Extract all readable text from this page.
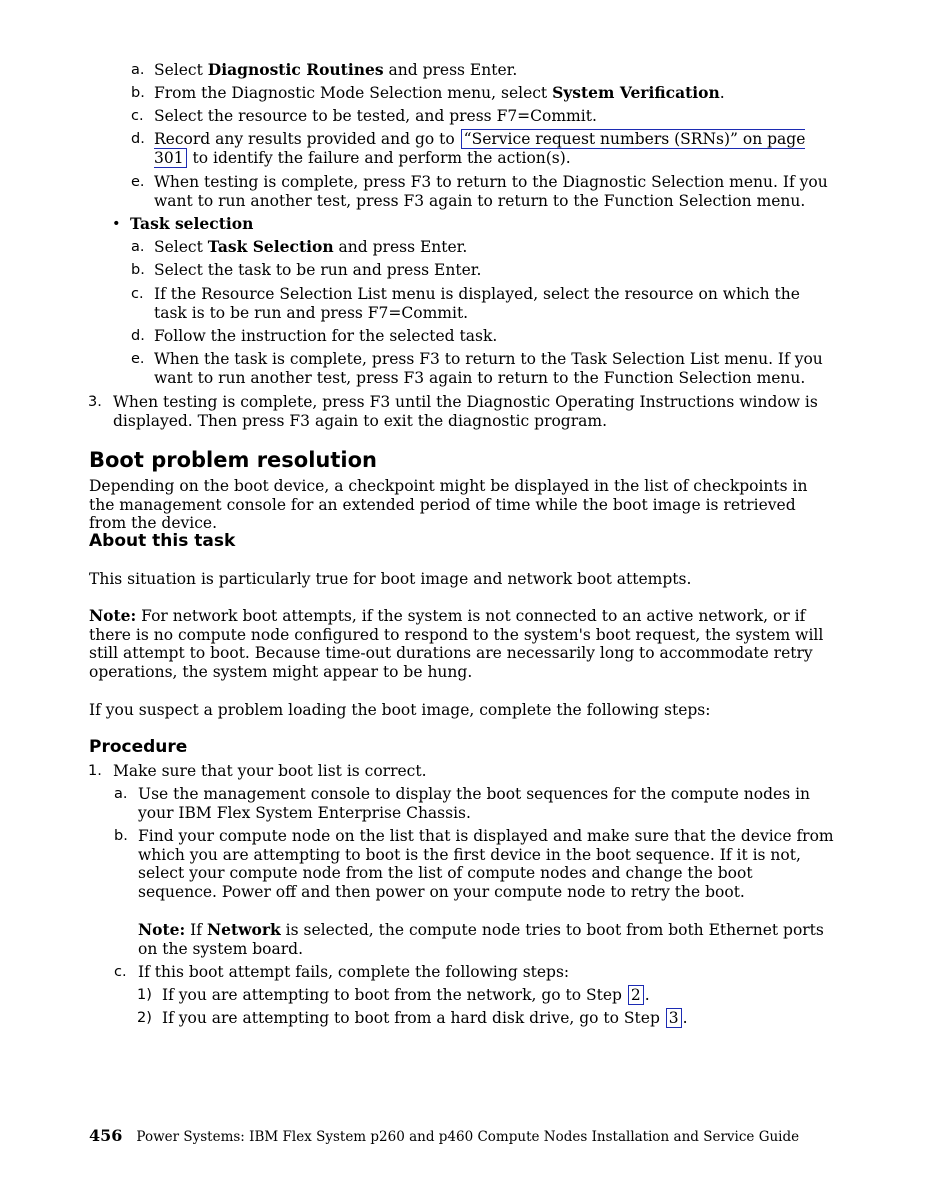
a. Select Diagnostic Routines and press Enter.
b. From the Diagnostic Mode Selection menu, select System Verification.
c. Select the resource to be tested, and press F7=Commit.
d. Record any results provided and go to “Service request numbers (SRNs)” on page 301 to identify the failure and perform the action(s).
e. When testing is complete, press F3 to return to the Diagnostic Selection menu. If you want to run another test, press F3 again to return to the Function Selection menu.
• Task selection
a. Select Task Selection and press Enter.
b. Select the task to be run and press Enter.
c. If the Resource Selection List menu is displayed, select the resource on which the task is to be run and press F7=Commit.
d. Follow the instruction for the selected task.
e. When the task is complete, press F3 to return to the Task Selection List menu. If you want to run another test, press F3 again to return to the Function Selection menu.
3. When testing is complete, press F3 until the Diagnostic Operating Instructions window is displayed. Then press F3 again to exit the diagnostic program.
Boot problem resolution
Depending on the boot device, a checkpoint might be displayed in the list of checkpoints in the management console for an extended period of time while the boot image is retrieved from the device.
About this task
This situation is particularly true for boot image and network boot attempts.
Note: For network boot attempts, if the system is not connected to an active network, or if there is no compute node configured to respond to the system's boot request, the system will still attempt to boot. Because time-out durations are necessarily long to accommodate retry operations, the system might appear to be hung.
If you suspect a problem loading the boot image, complete the following steps:
Procedure
1. Make sure that your boot list is correct.
a. Use the management console to display the boot sequences for the compute nodes in your IBM Flex System Enterprise Chassis.
b. Find your compute node on the list that is displayed and make sure that the device from which you are attempting to boot is the first device in the boot sequence. If it is not, select your compute node from the list of compute nodes and change the boot sequence. Power off and then power on your compute node to retry the boot.
Note: If Network is selected, the compute node tries to boot from both Ethernet ports on the system board.
c. If this boot attempt fails, complete the following steps:
1) If you are attempting to boot from the network, go to Step 2 .
2) If you are attempting to boot from a hard disk drive, go to Step 3 .
456 Power Systems: IBM Flex System p260 and p460 Compute Nodes Installation and Service Guide
